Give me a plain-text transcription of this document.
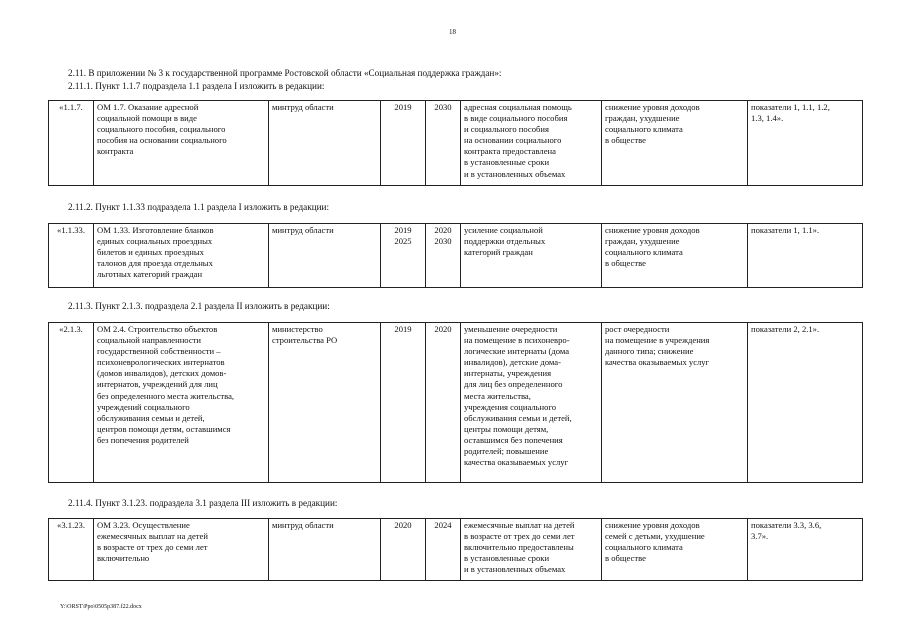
18
2.11. В приложении № 3 к государственной программе Ростовской области «Социальная поддержка граждан»:
2.11.1. Пункт 1.1.7 подраздела 1.1 раздела I изложить в редакции:
«1.1.7.	ОМ 1.7. Оказание адресной
социальной помощи в виде
социального пособия, социального
пособия на основании социального
контракта	минтруд области	2019	2030	адресная социальная помощь
в виде социального пособия
и социального пособия
на основании социального
контракта предоставлена
в установленные сроки
и в установленных объемах	снижение уровня доходов
граждан, ухудшение
социального климата
в обществе	показатели 1, 1.1, 1.2,
1.3, 1.4».
2.11.2. Пункт 1.1.33 подраздела 1.1 раздела I изложить в редакции:
«1.1.33.	ОМ 1.33. Изготовление бланков
единых социальных проездных
билетов и единых проездных
талонов для проезда отдельных
льготных категорий граждан	минтруд области	2019
2025	2020
2030	усиление социальной
поддержки отдельных
категорий граждан	снижение уровня доходов
граждан, ухудшение
социального климата
в обществе	показатели 1, 1.1».
2.11.3. Пункт 2.1.3. подраздела 2.1 раздела II изложить в редакции:
«2.1.3.	ОМ 2.4. Строительство объектов
социальной направленности
государственной собственности –
психоневрологических интернатов
(домов инвалидов), детских домов-
интернатов, учреждений для лиц
без определенного места жительства,
учреждений социального
обслуживания семьи и детей,
центров помощи детям, оставшимся
без попечения родителей	министерство
строительства РО	2019	2020	уменьшение очередности
на помещение в психоневро-
логические интернаты (дома
инвалидов), детские дома-
интернаты, учреждения
для лиц без определенного
места жительства,
учреждения социального
обслуживания семьи и детей,
центры помощи детям,
оставшимся без попечения
родителей; повышение
качества оказываемых услуг	рост очередности
на помещение в учреждения
данного типа; снижение
качества оказываемых услуг	показатели 2, 2.1».
2.11.4. Пункт 3.1.23. подраздела 3.1 раздела III изложить в редакции:
«3.1.23.	ОМ 3.23. Осуществление
ежемесячных выплат на детей
в возрасте от трех до семи лет
включительно	минтруд области	2020	2024	ежемесячные выплат на детей
в возрасте от трех до семи лет
включительно предоставлены
в установленные сроки
и в установленных объемах	снижение уровня доходов
семей с детьми, ухудшение
социального климата
в обществе	показатели 3.3, 3.6,
3.7».
Y:\ORST\Ppo\0505p387.f22.docx
